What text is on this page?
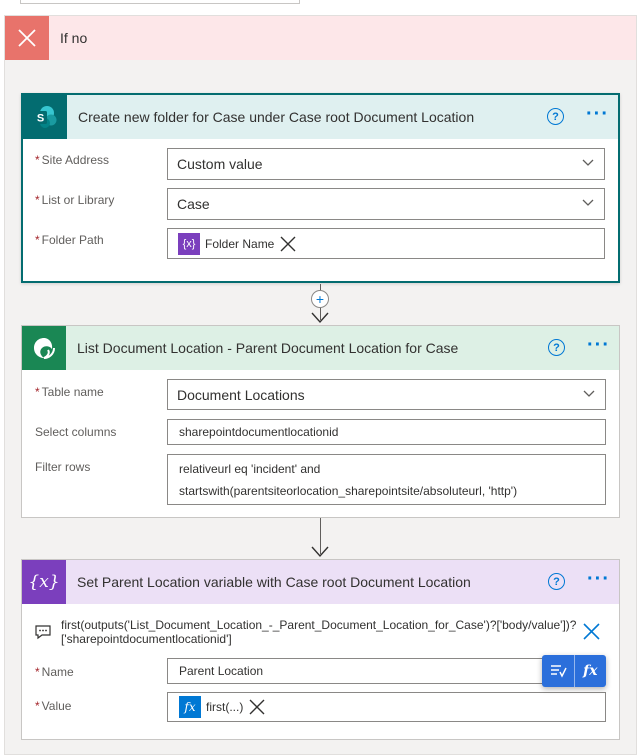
If no
S Create new folder for Case under Case root Document Location	? ···
* Site Address	Custom value
* List or Library	Case
* Folder Path	{x} Folder Name
+
List Document Location - Parent Document Location for Case	? ···
* Table name	Document Locations
Select columns	sharepointdocumentlocationid
Filter rows	relativeurl eq 'incident' and
startswith(parentsiteorlocation_sharepointsite/absoluteurl, 'http')
{x} Set Parent Location variable with Case root Document Location	? ···
first(outputs('List_Document_Location_-_Parent_Document_Location_for_Case')?['body/value'])?
['sharepointdocumentlocationid']
* Name	Parent Location
* Value	fx first(...)
fx
